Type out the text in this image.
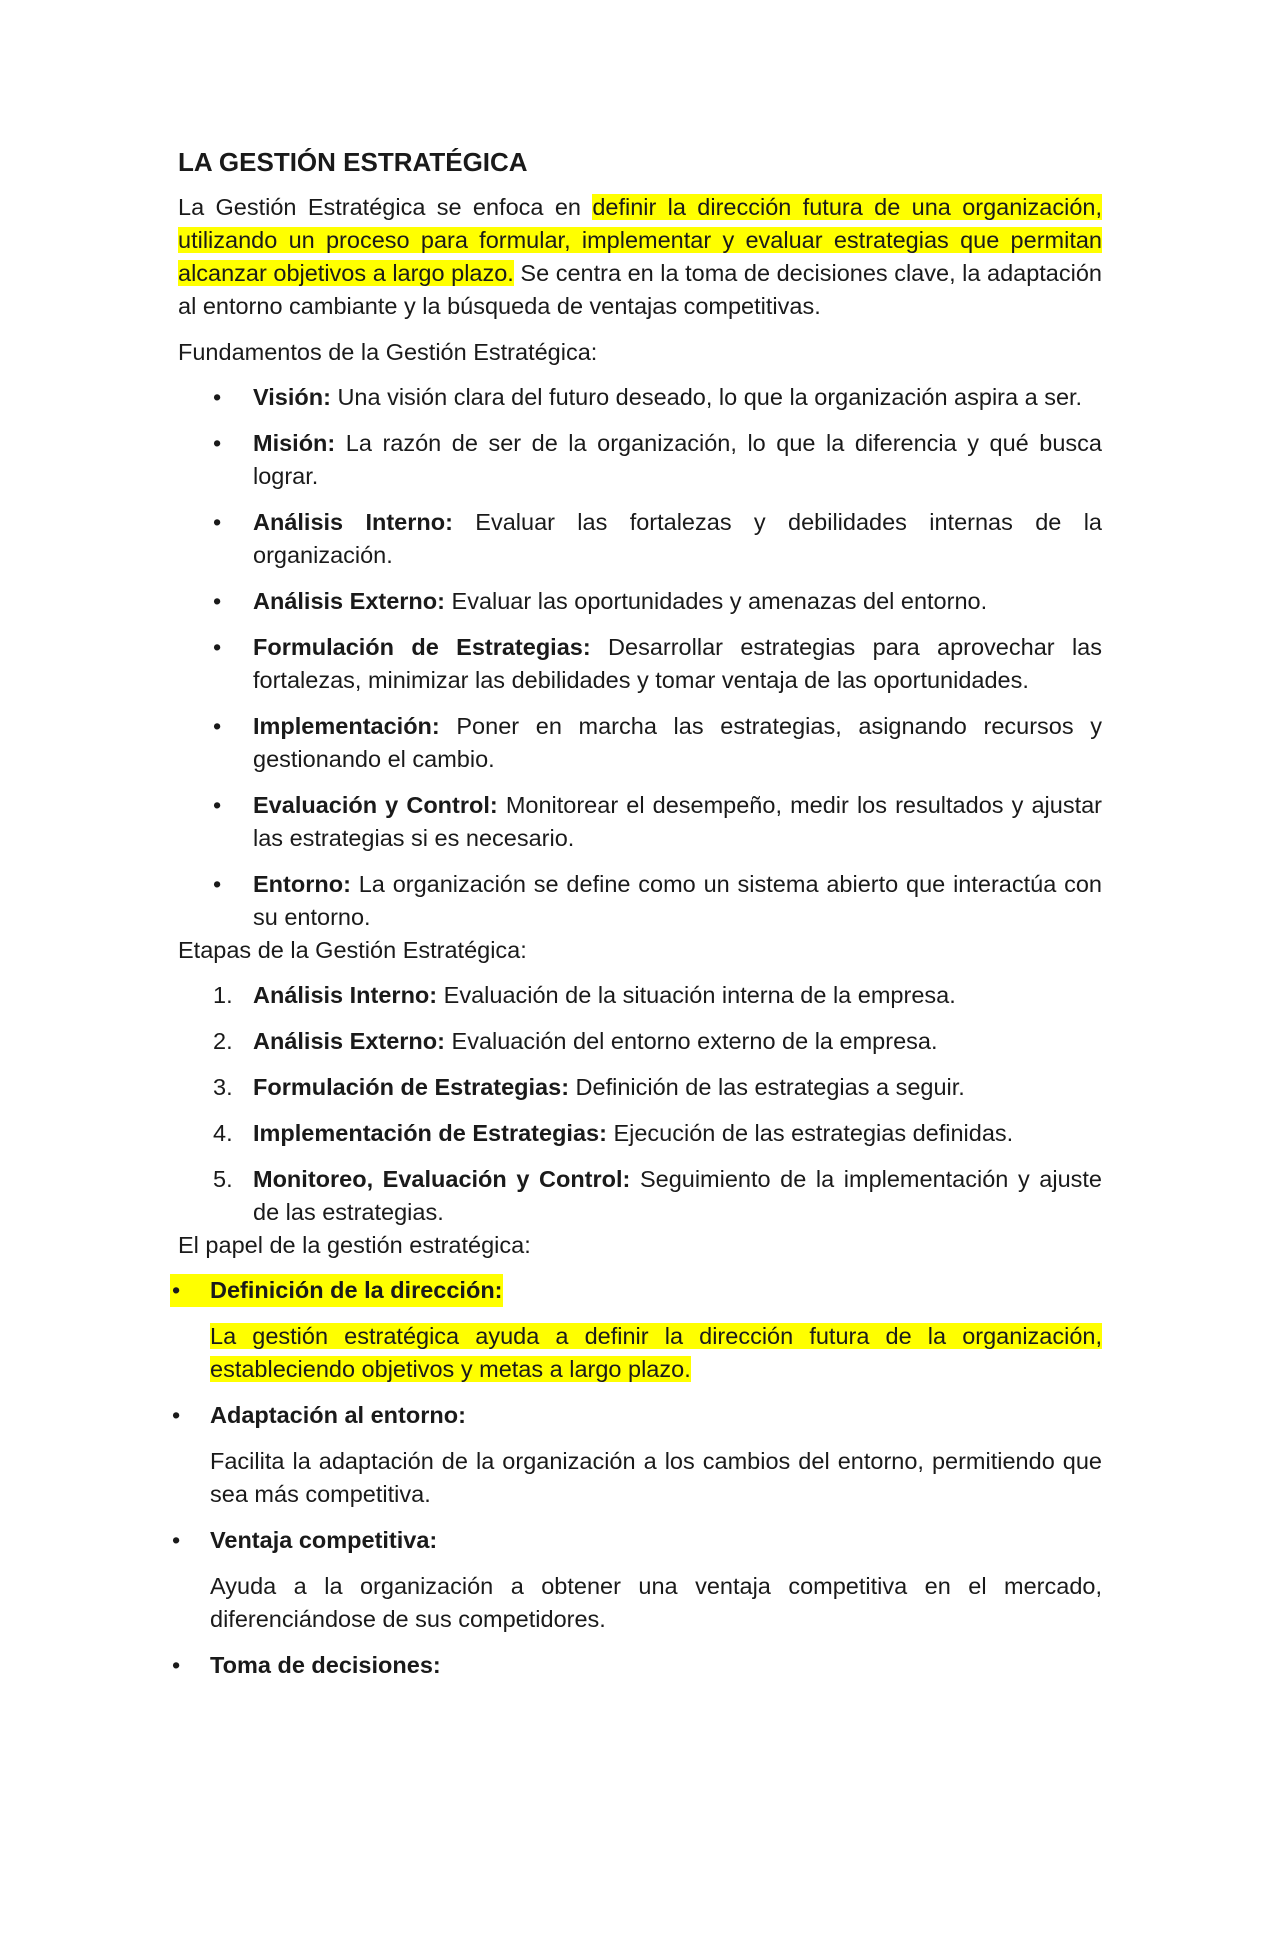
LA GESTIÓN ESTRATÉGICA

La Gestión Estratégica se enfoca en definir la dirección futura de una organización, utilizando un proceso para formular, implementar y evaluar estrategias que permitan alcanzar objetivos a largo plazo. Se centra en la toma de decisiones clave, la adaptación al entorno cambiante y la búsqueda de ventajas competitivas.

Fundamentos de la Gestión Estratégica:

•	Visión: Una visión clara del futuro deseado, lo que la organización aspira a ser.
•	Misión: La razón de ser de la organización, lo que la diferencia y qué busca lograr.
•	Análisis Interno: Evaluar las fortalezas y debilidades internas de la organización.
•	Análisis Externo: Evaluar las oportunidades y amenazas del entorno.
•	Formulación de Estrategias: Desarrollar estrategias para aprovechar las fortalezas, minimizar las debilidades y tomar ventaja de las oportunidades.
•	Implementación: Poner en marcha las estrategias, asignando recursos y gestionando el cambio.
•	Evaluación y Control: Monitorear el desempeño, medir los resultados y ajustar las estrategias si es necesario.
•	Entorno: La organización se define como un sistema abierto que interactúa con su entorno.

Etapas de la Gestión Estratégica:

1. Análisis Interno: Evaluación de la situación interna de la empresa.
2. Análisis Externo: Evaluación del entorno externo de la empresa.
3. Formulación de Estrategias: Definición de las estrategias a seguir.
4. Implementación de Estrategias: Ejecución de las estrategias definidas.
5. Monitoreo, Evaluación y Control: Seguimiento de la implementación y ajuste de las estrategias.

El papel de la gestión estratégica:

• Definición de la dirección:
La gestión estratégica ayuda a definir la dirección futura de la organización, estableciendo objetivos y metas a largo plazo.
• Adaptación al entorno:
Facilita la adaptación de la organización a los cambios del entorno, permitiendo que sea más competitiva.
• Ventaja competitiva:
Ayuda a la organización a obtener una ventaja competitiva en el mercado, diferenciándose de sus competidores.
• Toma de decisiones:
